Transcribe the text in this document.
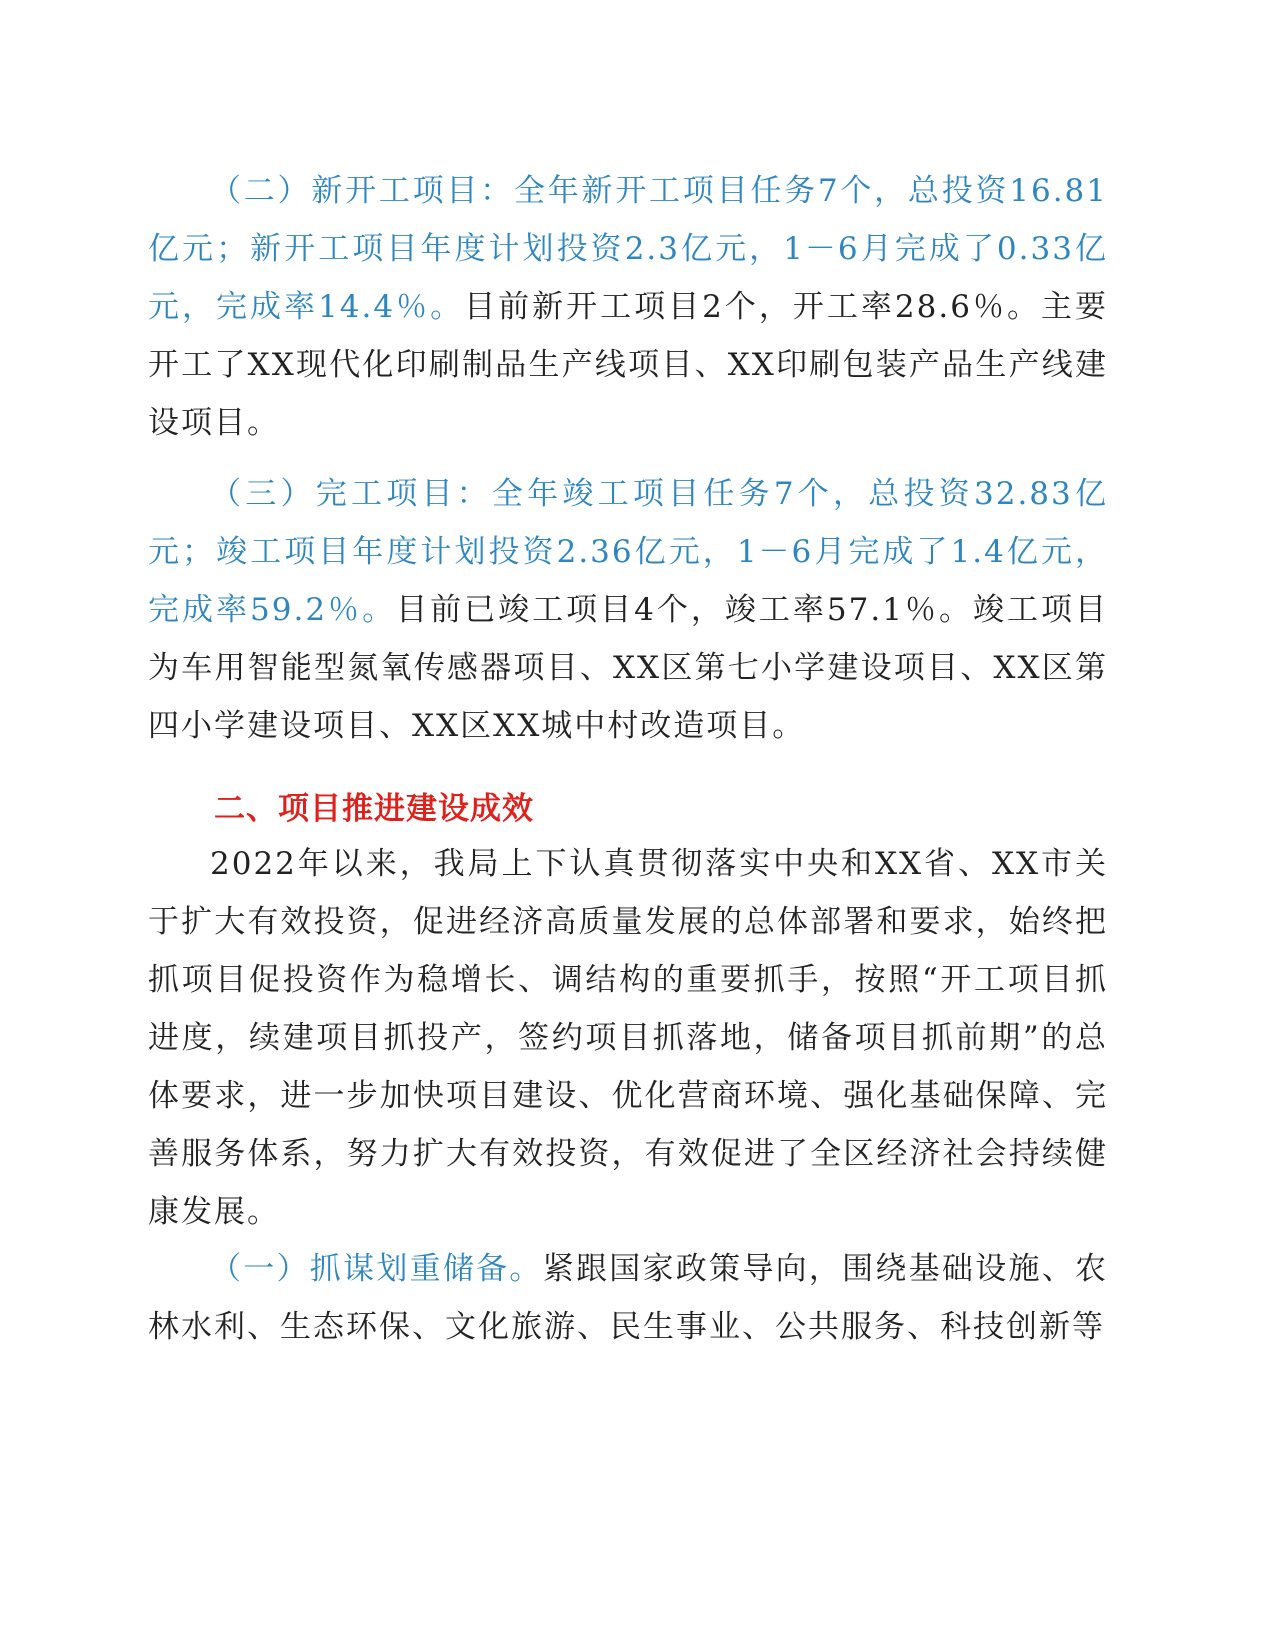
（二）新开工项目：全年新开工项目任务7个，总投资16.81亿元；新开工项目年度计划投资2.3亿元，1－6月完成了0.33亿元，完成率14.4％。目前新开工项目2个，开工率28.6％。主要开工了XX现代化印刷制品生产线项目、XX印刷包装产品生产线建设项目。

（三）完工项目：全年竣工项目任务7个，总投资32.83亿元；竣工项目年度计划投资2.36亿元，1－6月完成了1.4亿元，完成率59.2％。目前已竣工项目4个，竣工率57.1％。竣工项目为车用智能型氮氧传感器项目、XX区第七小学建设项目、XX区第四小学建设项目、XX区XX城中村改造项目。

二、项目推进建设成效

2022年以来，我局上下认真贯彻落实中央和XX省、XX市关于扩大有效投资，促进经济高质量发展的总体部署和要求，始终把抓项目促投资作为稳增长、调结构的重要抓手，按照“开工项目抓进度，续建项目抓投产，签约项目抓落地，储备项目抓前期”的总体要求，进一步加快项目建设、优化营商环境、强化基础保障、完善服务体系，努力扩大有效投资，有效促进了全区经济社会持续健康发展。

（一）抓谋划重储备。紧跟国家政策导向，围绕基础设施、农林水利、生态环保、文化旅游、民生事业、公共服务、科技创新等
